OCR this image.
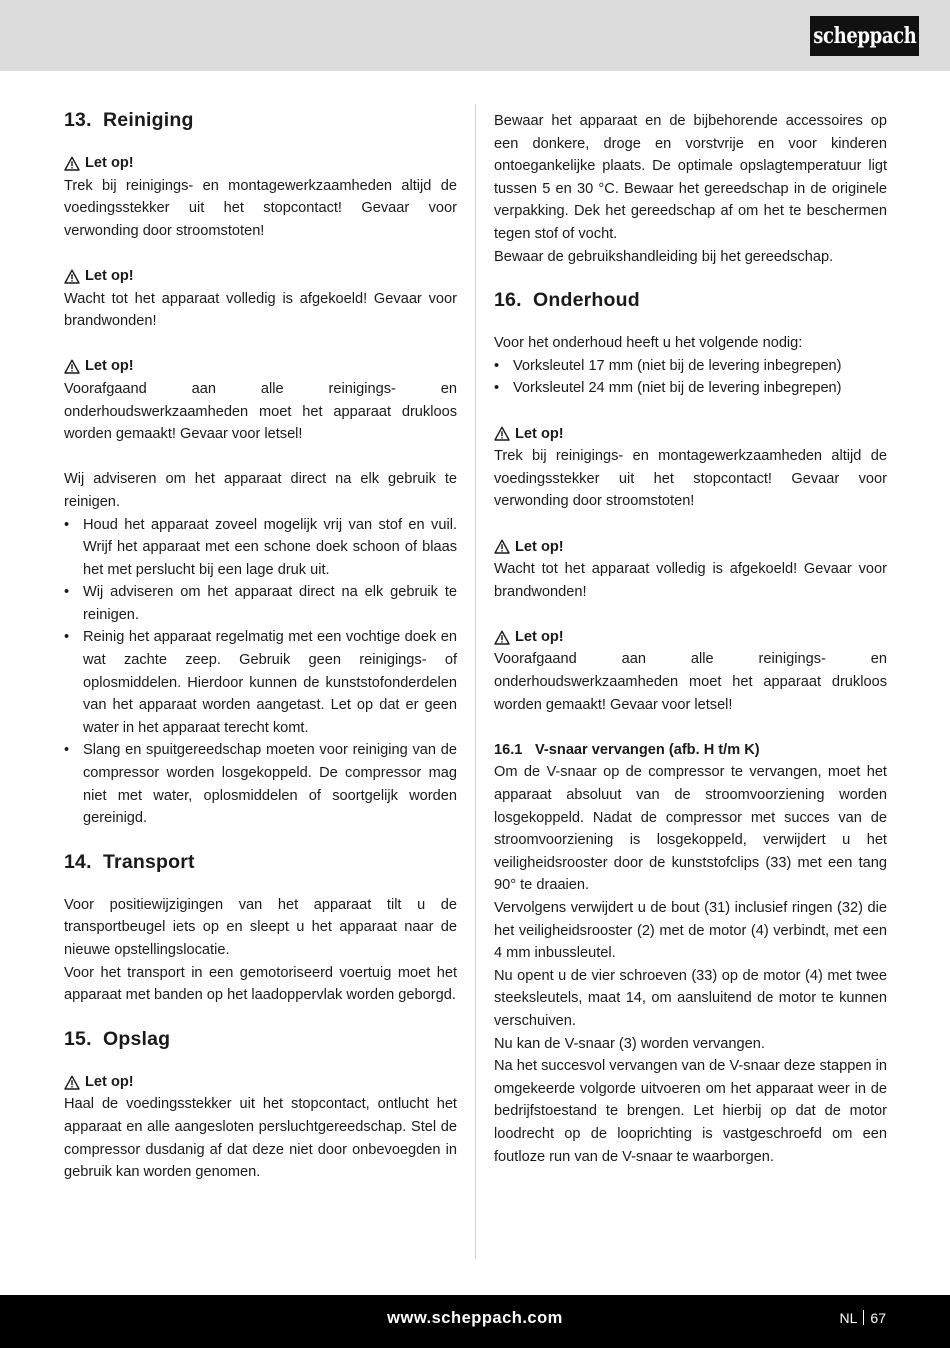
scheppach
13. Reiniging
Let op!

Trek bij reinigings- en montagewerkzaamheden altijd de voedingsstekker uit het stopcontact! Gevaar voor verwonding door stroomstoten!

Let op!

Wacht tot het apparaat volledig is afgekoeld! Gevaar voor brandwonden!

Let op!

Voorafgaand aan alle reinigings- en onderhoudswerkzaamheden moet het apparaat drukloos worden gemaakt! Gevaar voor letsel!

Wij adviseren om het apparaat direct na elk gebruik te reinigen.

• Houd het apparaat zoveel mogelijk vrij van stof en vuil. Wrijf het apparaat met een schone doek schoon of blaas het met perslucht bij een lage druk uit.
• Wij adviseren om het apparaat direct na elk gebruik te reinigen.
• Reinig het apparaat regelmatig met een vochtige doek en wat zachte zeep. Gebruik geen reinigings- of oplosmiddelen. Hierdoor kunnen de kunststofonderdelen van het apparaat worden aangetast. Let op dat er geen water in het apparaat terecht komt.
• Slang en spuitgereedschap moeten voor reiniging van de compressor worden losgekoppeld. De compressor mag niet met water, oplosmiddelen of soortgelijk worden gereinigd.
14. Transport

Voor positiewijzigingen van het apparaat tilt u de transportbeugel iets op en sleept u het apparaat naar de nieuwe opstellingslocatie.

Voor het transport in een gemotoriseerd voertuig moet het apparaat met banden op het laadoppervlak worden geborgd.

15. Opslag
Let op!

Haal de voedingsstekker uit het stopcontact, ontlucht het apparaat en alle aangesloten persluchtgereedschap. Stel de compressor dusdanig af dat deze niet door onbevoegden in gebruik kan worden genomen.

Bewaar het apparaat en de bijbehorende accessoires op een donkere, droge en vorstvrije en voor kinderen ontoegankelijke plaats. De optimale opslagtemperatuur ligt tussen 5 en 30 °C. Bewaar het gereedschap in de originele verpakking. Dek het gereedschap af om het te beschermen tegen stof of vocht.

Bewaar de gebruikshandleiding bij het gereedschap.

16. Onderhoud

Voor het onderhoud heeft u het volgende nodig:

• Vorksleutel 17 mm (niet bij de levering inbegrepen)
• Vorksleutel 24 mm (niet bij de levering inbegrepen)
Let op!

Trek bij reinigings- en montagewerkzaamheden altijd de voedingsstekker uit het stopcontact! Gevaar voor verwonding door stroomstoten!

Let op!

Wacht tot het apparaat volledig is afgekoeld! Gevaar voor brandwonden!

Let op!

Voorafgaand aan alle reinigings- en onderhoudswerkzaamheden moet het apparaat drukloos worden gemaakt! Gevaar voor letsel!

16.1 V-snaar vervangen (afb. H t/m K)

Om de V-snaar op de compressor te vervangen, moet het apparaat absoluut van de stroomvoorziening worden losgekoppeld. Nadat de compressor met succes van de stroomvoorziening is losgekoppeld, verwijdert u het veiligheidsrooster door de kunststofclips (33) met een tang 90° te draaien.

Vervolgens verwijdert u de bout (31) inclusief ringen (32) die het veiligheidsrooster (2) met de motor (4) verbindt, met een 4 mm inbussleutel.

Nu opent u de vier schroeven (33) op de motor (4) met twee steeksleutels, maat 14, om aansluitend de motor te kunnen verschuiven.

Nu kan de V-snaar (3) worden vervangen.

Na het succesvol vervangen van de V-snaar deze stappen in omgekeerde volgorde uitvoeren om het apparaat weer in de bedrijfstoestand te brengen. Let hierbij op dat de motor loodrecht op de looprichting is vastgeschroefd om een foutloze run van de V-snaar te waarborgen.

www.scheppach.com	NL 67
